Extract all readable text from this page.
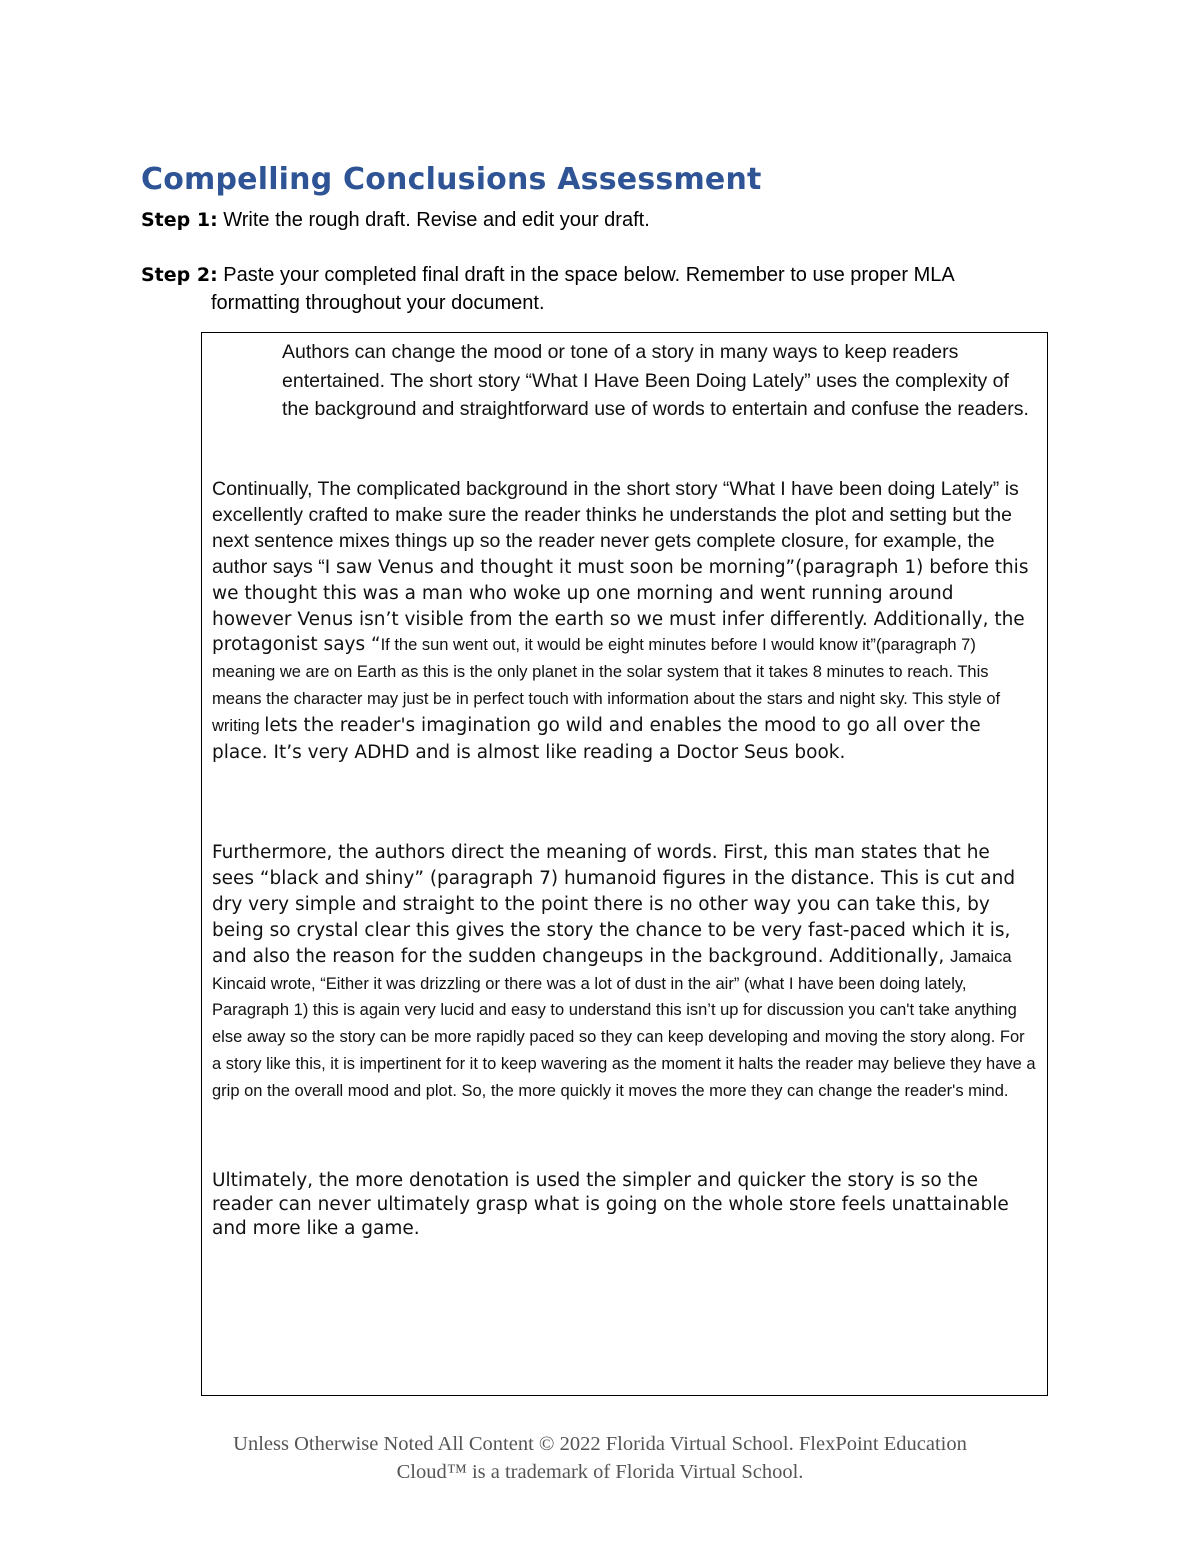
Compelling Conclusions Assessment
Step 1: Write the rough draft. Revise and edit your draft.
Step 2: Paste your completed final draft in the space below. Remember to use proper MLA
formatting throughout your document.

Authors can change the mood or tone of a story in many ways to keep readers entertained. The short story “What I Have Been Doing Lately” uses the complexity of the background and straightforward use of words to entertain and confuse the readers.

Continually, The complicated background in the short story “What I have been doing Lately” is excellently crafted to make sure the reader thinks he understands the plot and setting but the next sentence mixes things up so the reader never gets complete closure, for example, the author says “I saw Venus and thought it must soon be morning”(paragraph 1) before this we thought this was a man who woke up one morning and went running around however Venus isn’t visible from the earth so we must infer differently. Additionally, the protagonist says “If the sun went out, it would be eight minutes before I would know it”(paragraph 7) meaning we are on Earth as this is the only planet in the solar system that it takes 8 minutes to reach. This means the character may just be in perfect touch with information about the stars and night sky. This style of writing lets the reader's imagination go wild and enables the mood to go all over the place. It’s very ADHD and is almost like reading a Doctor Seus book.

Furthermore, the authors direct the meaning of words. First, this man states that he sees “black and shiny” (paragraph 7) humanoid figures in the distance. This is cut and dry very simple and straight to the point there is no other way you can take this, by being so crystal clear this gives the story the chance to be very fast-paced which it is, and also the reason for the sudden changeups in the background. Additionally, Jamaica Kincaid wrote, “Either it was drizzling or there was a lot of dust in the air” (what I have been doing lately, Paragraph 1) this is again very lucid and easy to understand this isn’t up for discussion you can't take anything else away so the story can be more rapidly paced so they can keep developing and moving the story along. For a story like this, it is impertinent for it to keep wavering as the moment it halts the reader may believe they have a grip on the overall mood and plot. So, the more quickly it moves the more they can change the reader's mind.

Ultimately, the more denotation is used the simpler and quicker the story is so the reader can never ultimately grasp what is going on the whole store feels unattainable and more like a game.

Unless Otherwise Noted All Content © 2022 Florida Virtual School. FlexPoint Education
Cloud™ is a trademark of Florida Virtual School.
